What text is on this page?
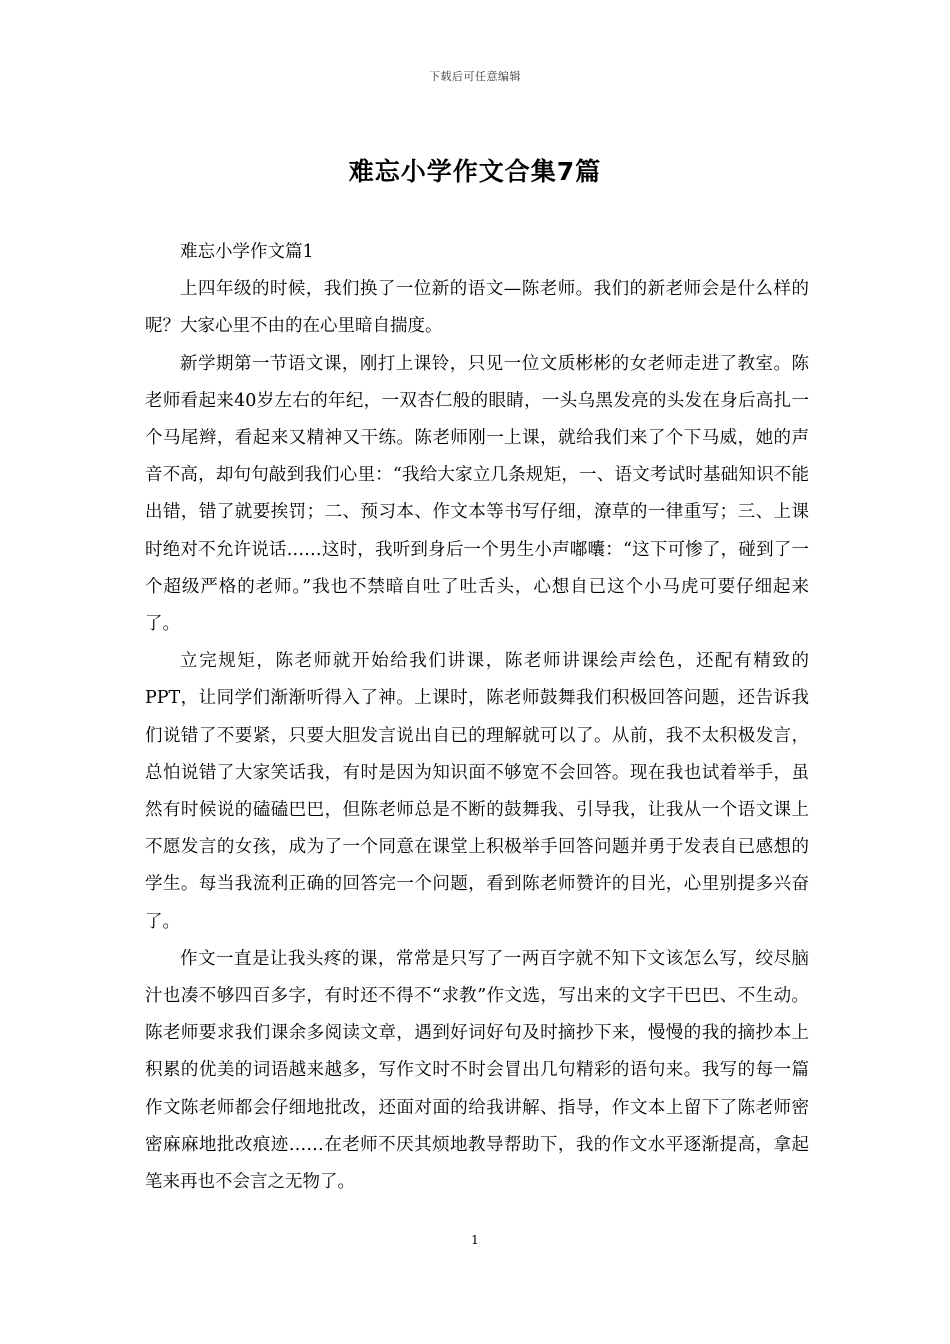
下载后可任意编辑
难忘小学作文合集7篇

难忘小学作文篇1

上四年级的时候，我们换了一位新的语文—陈老师。我们的新老师会是什么样的呢？大家心里不由的在心里暗自揣度。

新学期第一节语文课，刚打上课铃，只见一位文质彬彬的女老师走进了教室。陈老师看起来40岁左右的年纪，一双杏仁般的眼睛，一头乌黑发亮的头发在身后高扎一个马尾辫，看起来又精神又干练。陈老师刚一上课，就给我们来了个下马威，她的声音不高，却句句敲到我们心里：“我给大家立几条规矩，一、语文考试时基础知识不能出错，错了就要挨罚；二、预习本、作文本等书写仔细，潦草的一律重写；三、上课时绝对不允许说话……这时，我听到身后一个男生小声嘟囔：“这下可惨了，碰到了一个超级严格的老师。”我也不禁暗自吐了吐舌头，心想自已这个小马虎可要仔细起来了。

立完规矩，陈老师就开始给我们讲课，陈老师讲课绘声绘色，还配有精致的PPT，让同学们渐渐听得入了神。上课时，陈老师鼓舞我们积极回答问题，还告诉我们说错了不要紧，只要大胆发言说出自已的理解就可以了。从前，我不太积极发言，总怕说错了大家笑话我，有时是因为知识面不够宽不会回答。现在我也试着举手，虽然有时候说的磕磕巴巴，但陈老师总是不断的鼓舞我、引导我，让我从一个语文课上不愿发言的女孩，成为了一个同意在课堂上积极举手回答问题并勇于发表自已感想的学生。每当我流利正确的回答完一个问题，看到陈老师赞许的目光，心里别提多兴奋了。

作文一直是让我头疼的课，常常是只写了一两百字就不知下文该怎么写，绞尽脑汁也凑不够四百多字，有时还不得不“求教”作文选，写出来的文字干巴巴、不生动。陈老师要求我们课余多阅读文章，遇到好词好句及时摘抄下来，慢慢的我的摘抄本上积累的优美的词语越来越多，写作文时不时会冒出几句精彩的语句来。我写的每一篇作文陈老师都会仔细地批改，还面对面的给我讲解、指导，作文本上留下了陈老师密密麻麻地批改痕迹……在老师不厌其烦地教导帮助下，我的作文水平逐渐提高，拿起笔来再也不会言之无物了。

1
